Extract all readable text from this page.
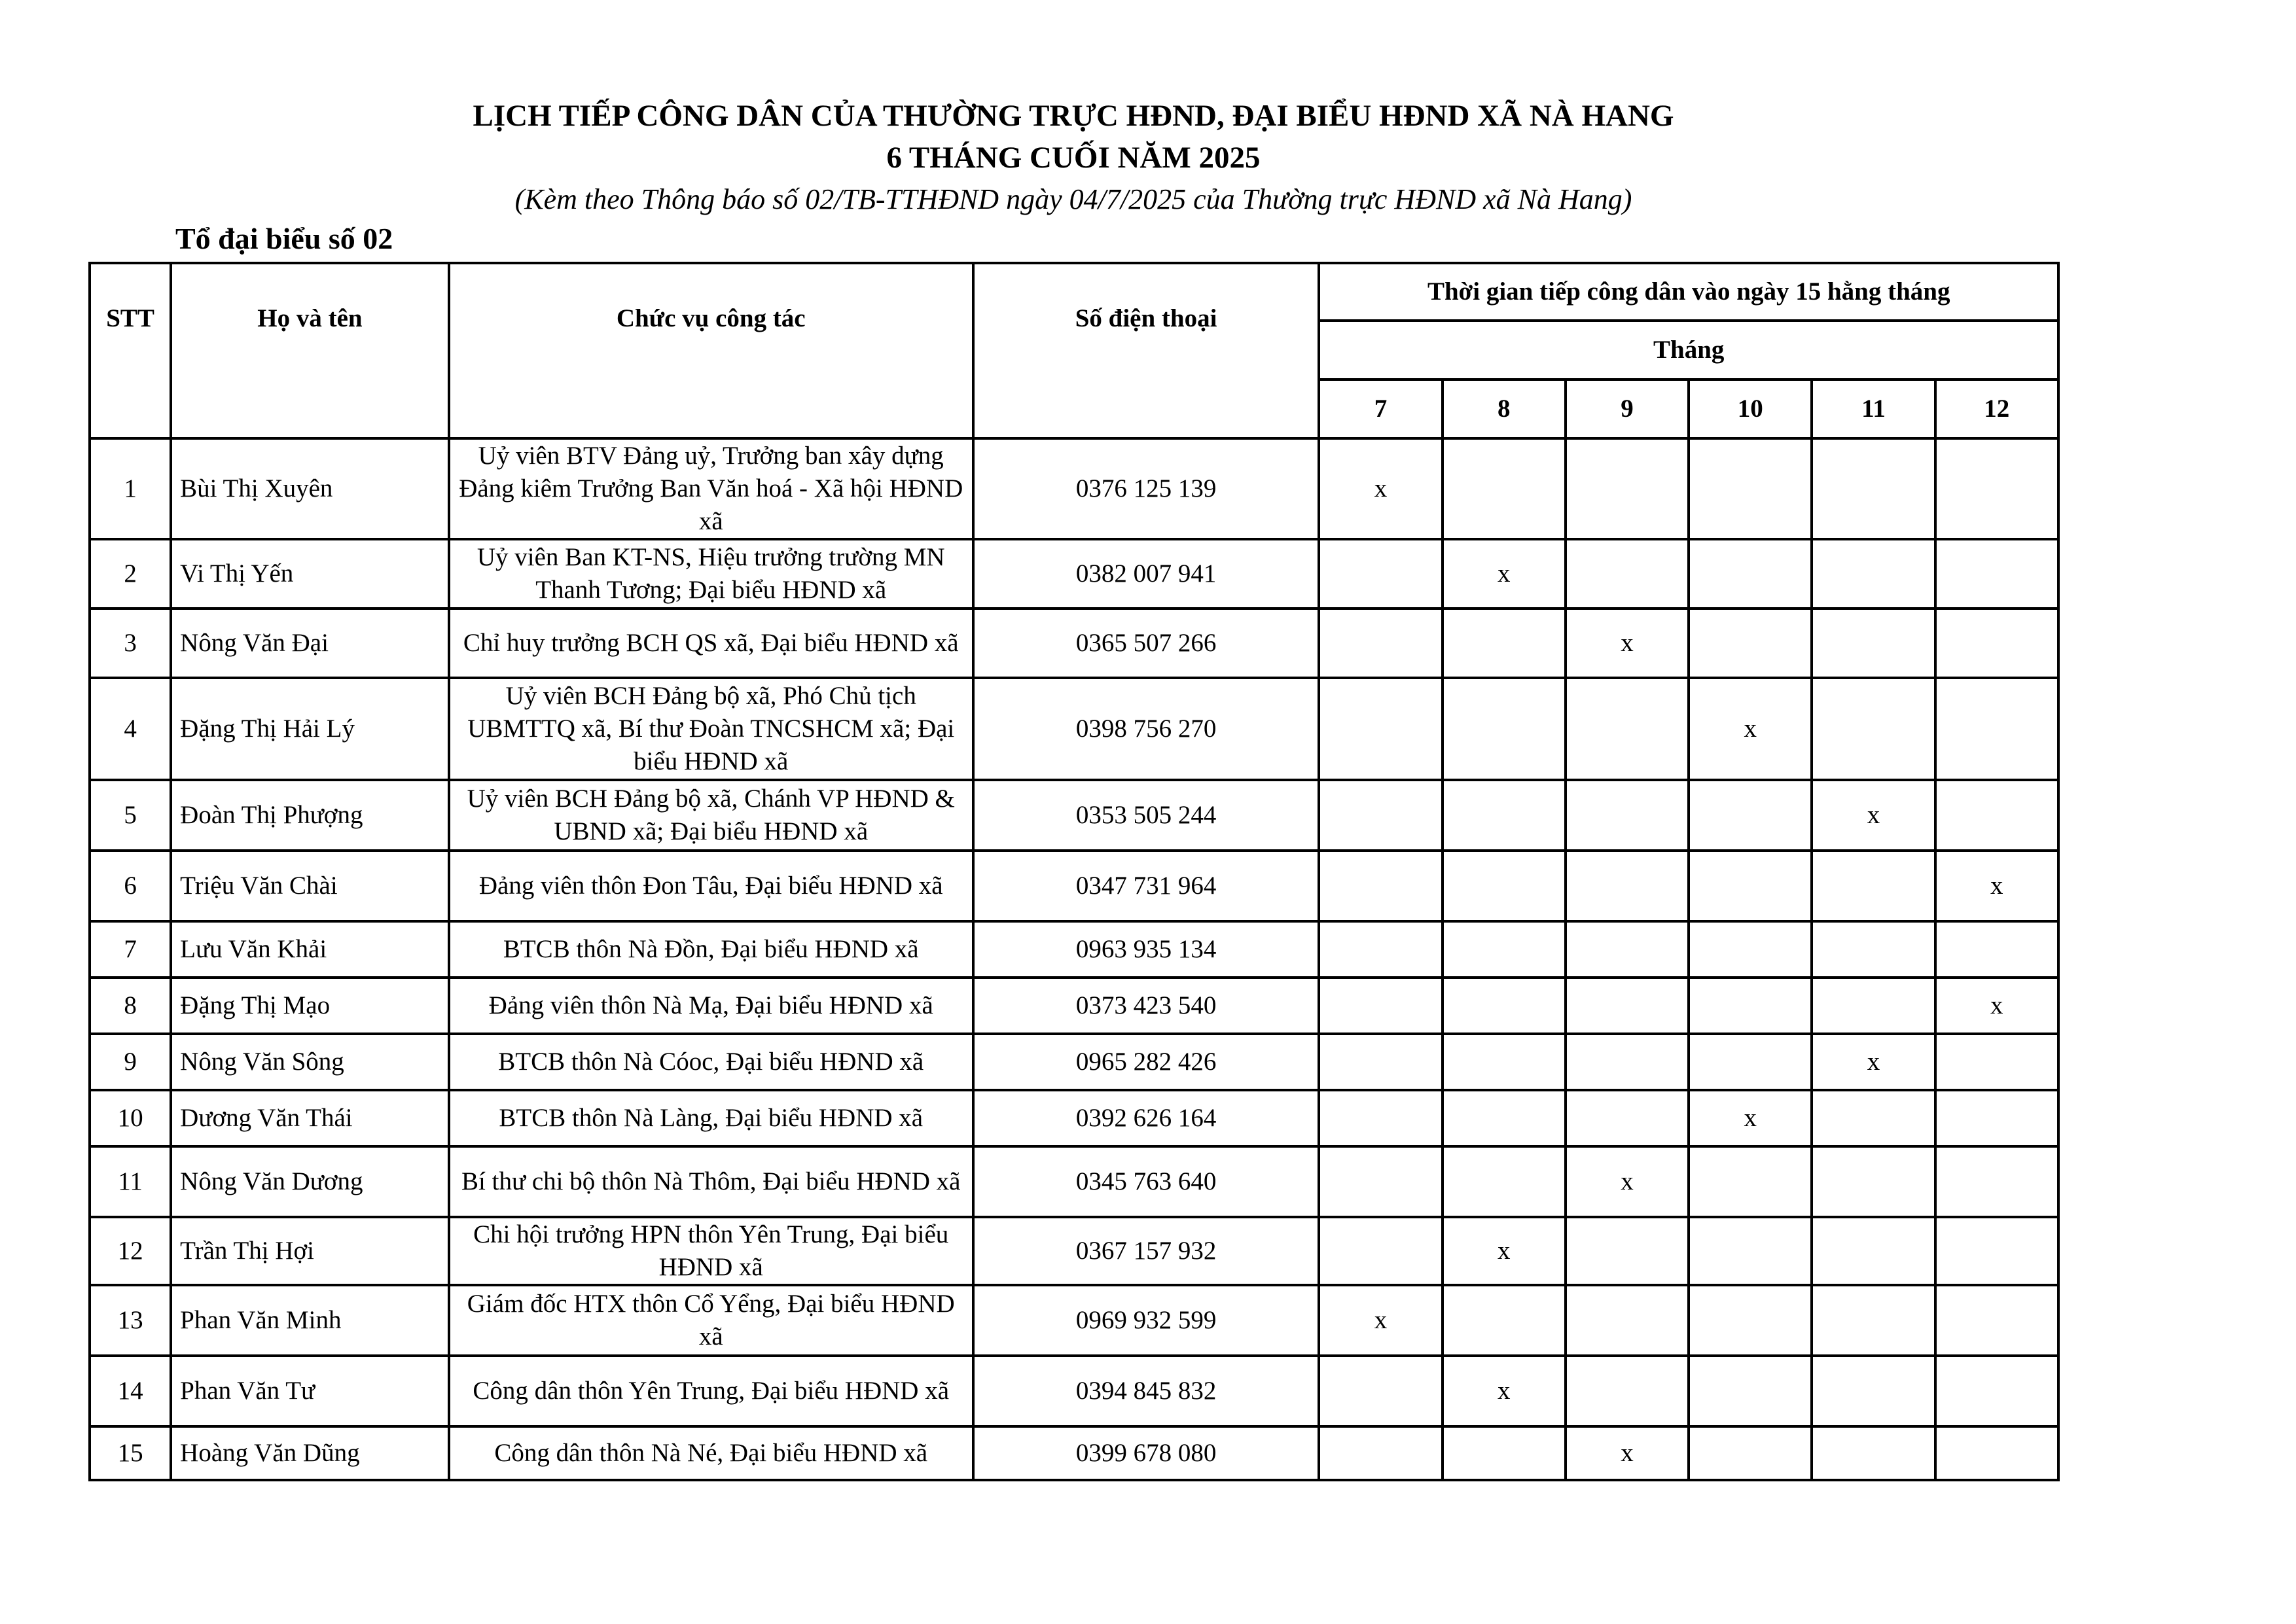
LỊCH TIẾP CÔNG DÂN CỦA THƯỜNG TRỰC HĐND, ĐẠI BIỂU HĐND XÃ NÀ HANG
6 THÁNG CUỐI NĂM 2025
(Kèm theo Thông báo số 02/TB-TTHĐND ngày 04/7/2025 của Thường trực HĐND xã Nà Hang)
Tổ đại biểu số 02
STT	Họ và tên	Chức vụ công tác	Số điện thoại	Thời gian tiếp công dân vào ngày 15 hằng tháng					
				Tháng					
				7	8	9	10	11	12
1	Bùi Thị Xuyên	Uỷ viên BTV Đảng uỷ, Trưởng ban xây dựng Đảng kiêm Trưởng Ban Văn hoá - Xã hội HĐND xã	0376 125 139	x					
2	Vi Thị Yến	Uỷ viên Ban KT-NS, Hiệu trưởng trường MN Thanh Tương; Đại biểu HĐND xã	0382 007 941		x				
3	Nông Văn Đại	Chỉ huy trưởng BCH QS xã, Đại biểu HĐND xã	0365 507 266			x			
4	Đặng Thị Hải Lý	Uỷ viên BCH Đảng bộ xã, Phó Chủ tịch UBMTTQ xã, Bí thư Đoàn TNCSHCM xã; Đại biểu HĐND xã	0398 756 270				x		
5	Đoàn Thị Phượng	Uỷ viên BCH Đảng bộ xã, Chánh VP HĐND & UBND xã; Đại biểu HĐND xã	0353 505 244					x	
6	Triệu Văn Chài	Đảng viên thôn Đon Tâu, Đại biểu HĐND xã	0347 731 964						x
7	Lưu Văn Khải	BTCB thôn Nà Đồn, Đại biểu HĐND xã	0963 935 134						
8	Đặng Thị Mạo	Đảng viên thôn Nà Mạ, Đại biểu HĐND xã	0373 423 540						x
9	Nông Văn Sông	BTCB thôn Nà Cóoc, Đại biểu HĐND xã	0965 282 426					x	
10	Dương Văn Thái	BTCB thôn Nà Làng, Đại biểu HĐND xã	0392 626 164				x		
11	Nông Văn Dương	Bí thư chi bộ thôn Nà Thôm, Đại biểu HĐND xã	0345 763 640			x			
12	Trần Thị Hợi	Chi hội trưởng HPN thôn Yên Trung, Đại biểu HĐND xã	0367 157 932		x				
13	Phan Văn Minh	Giám đốc HTX thôn Cổ Yểng, Đại biểu HĐND xã	0969 932 599	x					
14	Phan Văn Tư	Công dân thôn Yên Trung, Đại biểu HĐND xã	0394 845 832		x				
15	Hoàng Văn Dũng	Công dân thôn Nà Né, Đại biểu HĐND xã	0399 678 080			x			
